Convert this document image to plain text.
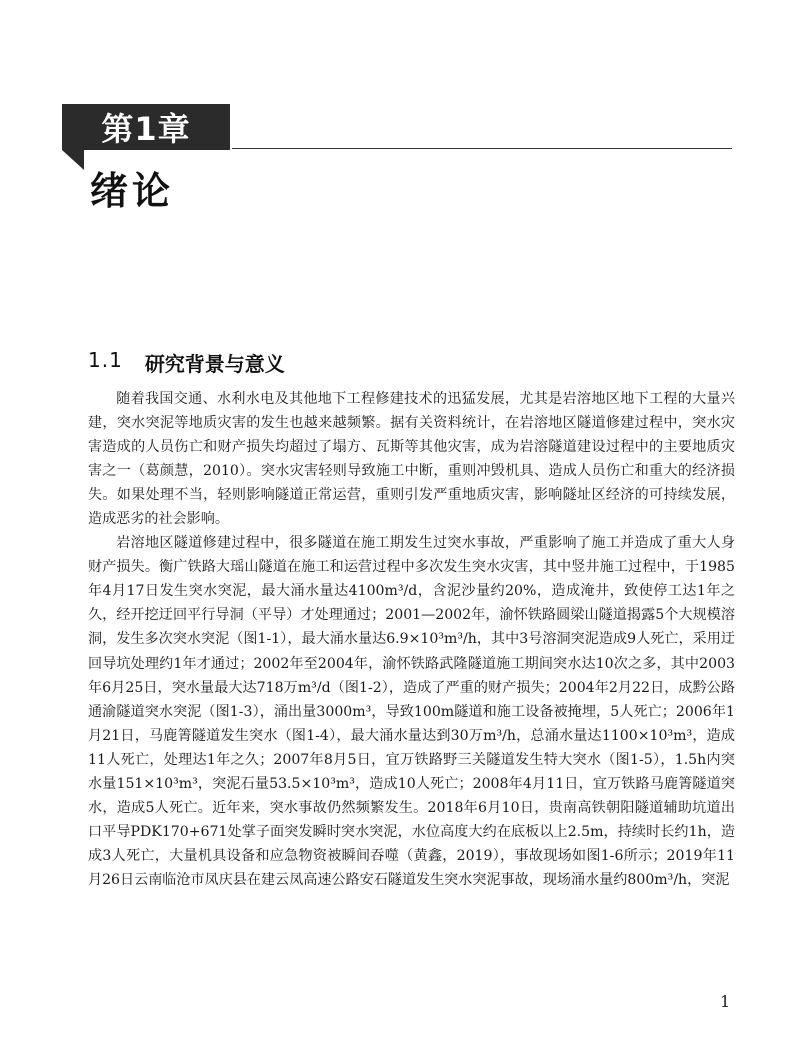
第1章
绪论
1.1 研究背景与意义

随着我国交通、水利水电及其他地下工程修建技术的迅猛发展，尤其是岩溶地区地下工程的大量兴建，突水突泥等地质灾害的发生也越来越频繁。据有关资料统计，在岩溶地区隧道修建过程中，突水灾害造成的人员伤亡和财产损失均超过了塌方、瓦斯等其他灾害，成为岩溶隧道建设过程中的主要地质灾害之一（葛颜慧，2010）。突水灾害轻则导致施工中断，重则冲毁机具、造成人员伤亡和重大的经济损失。如果处理不当，轻则影响隧道正常运营，重则引发严重地质灾害，影响隧址区经济的可持续发展，造成恶劣的社会影响。

岩溶地区隧道修建过程中，很多隧道在施工期发生过突水事故，严重影响了施工并造成了重大人身财产损失。衡广铁路大瑶山隧道在施工和运营过程中多次发生突水灾害，其中竖井施工过程中，于1985年4月17日发生突水突泥，最大涌水量达4100m³/d，含泥沙量约20%，造成淹井，致使停工达1年之久，经开挖迂回平行导洞（平导）才处理通过；2001—2002年，渝怀铁路圆梁山隧道揭露5个大规模溶洞，发生多次突水突泥（图1-1），最大涌水量达6.9×10³m³/h，其中3号溶洞突泥造成9人死亡，采用迂回导坑处理约1年才通过；2002年至2004年，渝怀铁路武隆隧道施工期间突水达10次之多，其中2003年6月25日，突水量最大达718万m³/d（图1-2），造成了严重的财产损失；2004年2月22日，成黔公路通渝隧道突水突泥（图1-3），涌出量3000m³，导致100m隧道和施工设备被掩埋，5人死亡；2006年1月21日，马鹿箐隧道发生突水（图1-4），最大涌水量达到30万m³/h，总涌水量达1100×10³m³，造成11人死亡，处理达1年之久；2007年8月5日，宜万铁路野三关隧道发生特大突水（图1-5），1.5h内突水量151×10³m³，突泥石量53.5×10³m³，造成10人死亡；2008年4月11日，宜万铁路马鹿箐隧道突水，造成5人死亡。近年来，突水事故仍然频繁发生。2018年6月10日，贵南高铁朝阳隧道辅助坑道出口平导PDK170+671处掌子面突发瞬时突水突泥，水位高度大约在底板以上2.5m，持续时长约1h，造成3人死亡，大量机具设备和应急物资被瞬间吞噬（黄鑫，2019），事故现场如图1-6所示；2019年11月26日云南临沧市凤庆县在建云凤高速公路安石隧道发生突水突泥事故，现场涌水量约800m³/h，突泥

1
